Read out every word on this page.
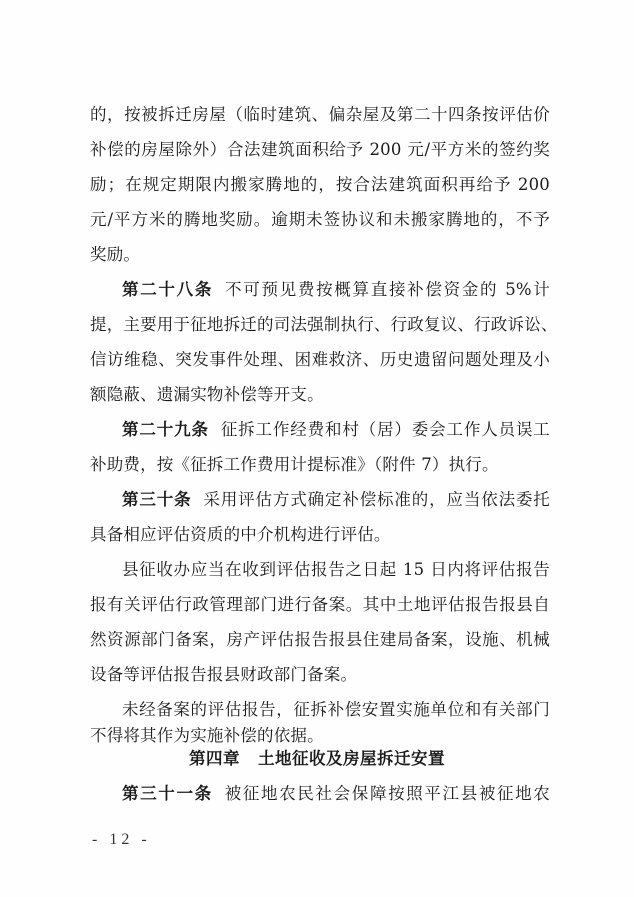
的，按被拆迁房屋（临时建筑、偏杂屋及第二十四条按评估价
补偿的房屋除外）合法建筑面积给予 200 元/平方米的签约奖
励；在规定期限内搬家腾地的，按合法建筑面积再给予 200
元/平方米的腾地奖励。逾期未签协议和未搬家腾地的，不予
奖励。
第二十八条 不可预见费按概算直接补偿资金的 5%计
提，主要用于征地拆迁的司法强制执行、行政复议、行政诉讼、
信访维稳、突发事件处理、困难救济、历史遗留问题处理及小
额隐蔽、遗漏实物补偿等开支。
第二十九条 征拆工作经费和村（居）委会工作人员误工
补助费，按《征拆工作费用计提标准》（附件 7）执行。
第三十条 采用评估方式确定补偿标准的，应当依法委托
具备相应评估资质的中介机构进行评估。
县征收办应当在收到评估报告之日起 15 日内将评估报告
报有关评估行政管理部门进行备案。其中土地评估报告报县自
然资源部门备案，房产评估报告报县住建局备案，设施、机械
设备等评估报告报县财政部门备案。
未经备案的评估报告，征拆补偿安置实施单位和有关部门
不得将其作为实施补偿的依据。
第四章 土地征收及房屋拆迁安置
第三十一条 被征地农民社会保障按照平江县被征地农
- 12 -
